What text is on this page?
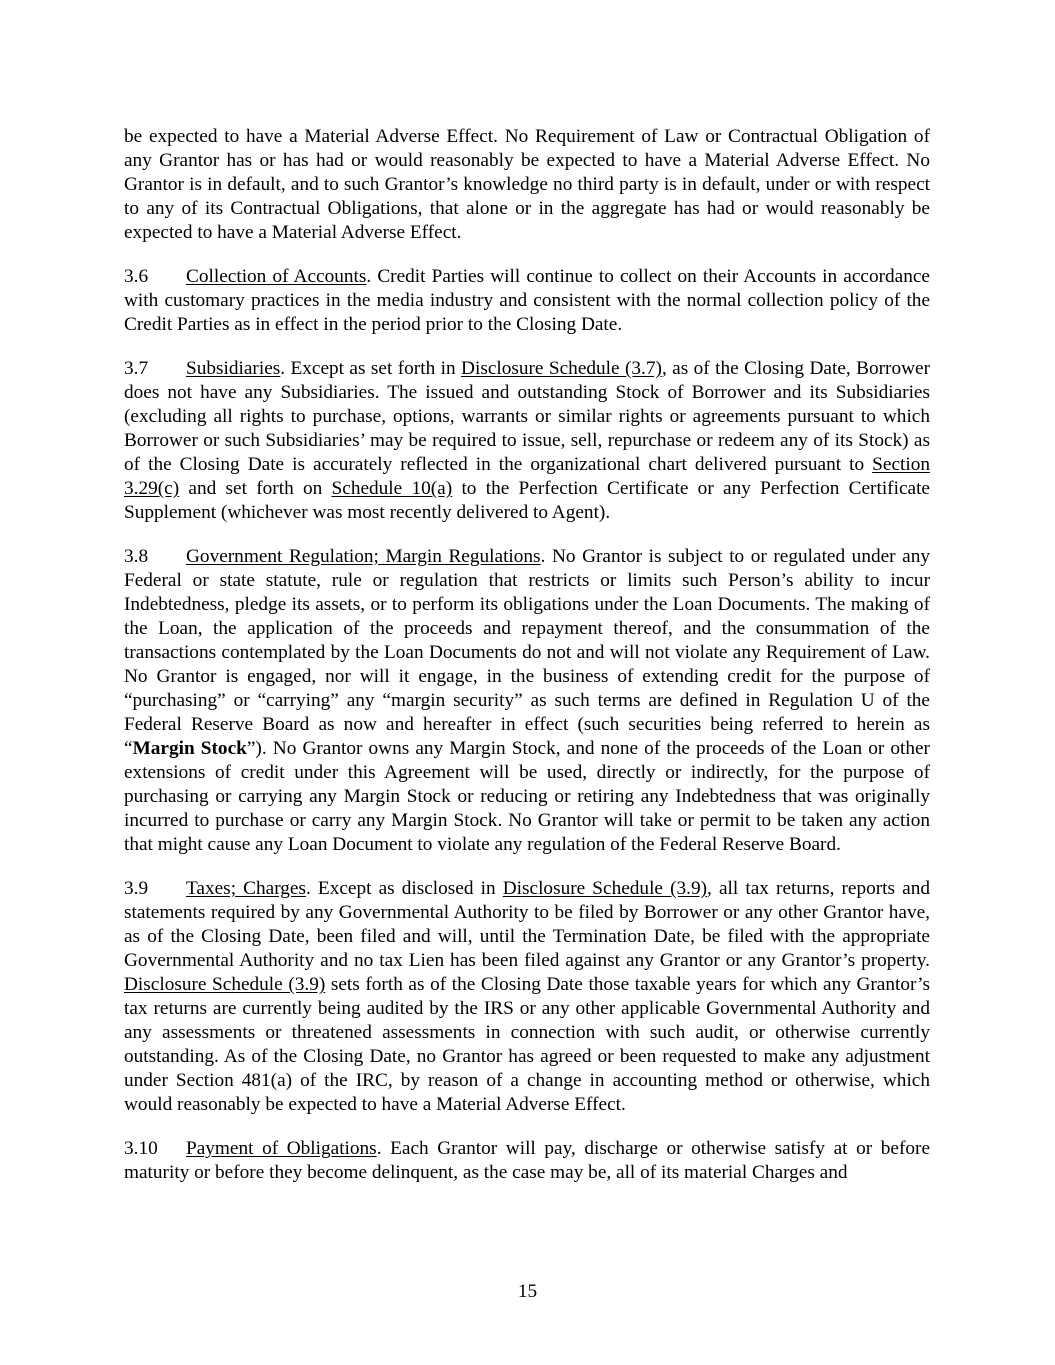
be expected to have a Material Adverse Effect. No Requirement of Law or Contractual Obligation of any Grantor has or has had or would reasonably be expected to have a Material Adverse Effect. No Grantor is in default, and to such Grantor’s knowledge no third party is in default, under or with respect to any of its Contractual Obligations, that alone or in the aggregate has had or would reasonably be expected to have a Material Adverse Effect.

3.6 Collection of Accounts. Credit Parties will continue to collect on their Accounts in accordance with customary practices in the media industry and consistent with the normal collection policy of the Credit Parties as in effect in the period prior to the Closing Date.

3.7 Subsidiaries. Except as set forth in Disclosure Schedule (3.7), as of the Closing Date, Borrower does not have any Subsidiaries. The issued and outstanding Stock of Borrower and its Subsidiaries (excluding all rights to purchase, options, warrants or similar rights or agreements pursuant to which Borrower or such Subsidiaries’ may be required to issue, sell, repurchase or redeem any of its Stock) as of the Closing Date is accurately reflected in the organizational chart delivered pursuant to Section 3.29(c) and set forth on Schedule 10(a) to the Perfection Certificate or any Perfection Certificate Supplement (whichever was most recently delivered to Agent).

3.8 Government Regulation; Margin Regulations. No Grantor is subject to or regulated under any Federal or state statute, rule or regulation that restricts or limits such Person’s ability to incur Indebtedness, pledge its assets, or to perform its obligations under the Loan Documents. The making of the Loan, the application of the proceeds and repayment thereof, and the consummation of the transactions contemplated by the Loan Documents do not and will not violate any Requirement of Law. No Grantor is engaged, nor will it engage, in the business of extending credit for the purpose of “purchasing” or “carrying” any “margin security” as such terms are defined in Regulation U of the Federal Reserve Board as now and hereafter in effect (such securities being referred to herein as “Margin Stock”). No Grantor owns any Margin Stock, and none of the proceeds of the Loan or other extensions of credit under this Agreement will be used, directly or indirectly, for the purpose of purchasing or carrying any Margin Stock or reducing or retiring any Indebtedness that was originally incurred to purchase or carry any Margin Stock. No Grantor will take or permit to be taken any action that might cause any Loan Document to violate any regulation of the Federal Reserve Board.

3.9 Taxes; Charges. Except as disclosed in Disclosure Schedule (3.9), all tax returns, reports and statements required by any Governmental Authority to be filed by Borrower or any other Grantor have, as of the Closing Date, been filed and will, until the Termination Date, be filed with the appropriate Governmental Authority and no tax Lien has been filed against any Grantor or any Grantor’s property. Disclosure Schedule (3.9) sets forth as of the Closing Date those taxable years for which any Grantor’s tax returns are currently being audited by the IRS or any other applicable Governmental Authority and any assessments or threatened assessments in connection with such audit, or otherwise currently outstanding. As of the Closing Date, no Grantor has agreed or been requested to make any adjustment under Section 481(a) of the IRC, by reason of a change in accounting method or otherwise, which would reasonably be expected to have a Material Adverse Effect.

3.10 Payment of Obligations. Each Grantor will pay, discharge or otherwise satisfy at or before maturity or before they become delinquent, as the case may be, all of its material Charges and

15
